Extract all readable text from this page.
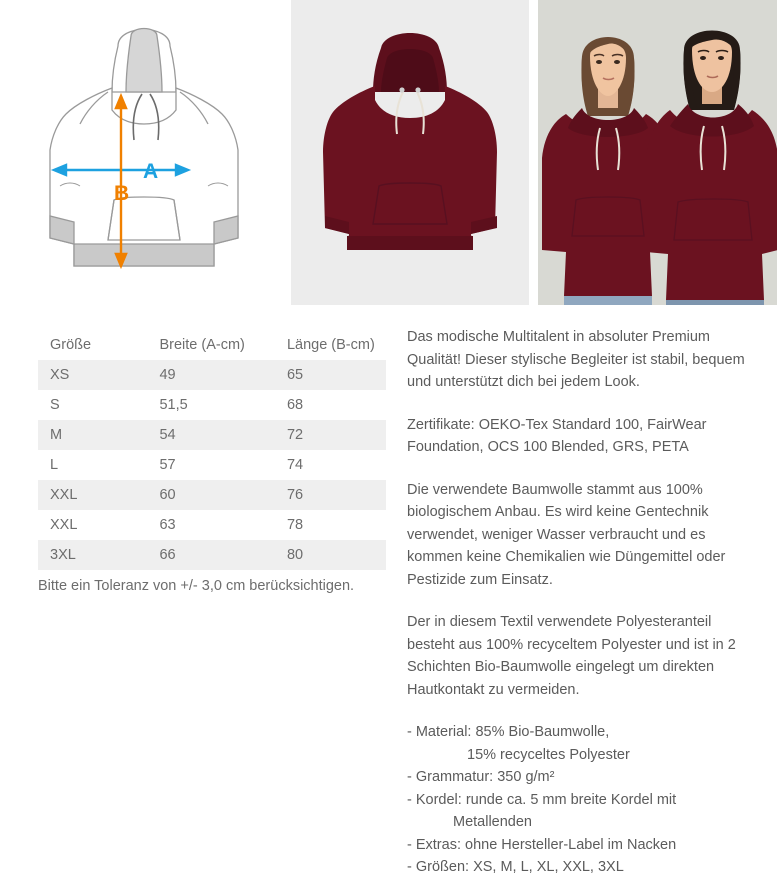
A
B
Größe	Breite (A-cm)	Länge (B-cm)
XS	49	65
S	51,5	68
M	54	72
L	57	74
XXL	60	76
XXL	63	78
3XL	66	80
Bitte ein Toleranz von +/- 3,0 cm berücksichtigen.

Das modische Multitalent in absoluter Premium Qualität! Dieser stylische Begleiter ist stabil, bequem und unterstützt dich bei jedem Look.

Zertifikate: OEKO-Tex Standard 100, FairWear Foundation, OCS 100 Blended, GRS, PETA

Die verwendete Baumwolle stammt aus 100% biologischem Anbau. Es wird keine Gentechnik verwendet, weniger Wasser verbraucht und es kommen keine Chemikalien wie Düngemittel oder Pestizide zum Einsatz.

Der in diesem Textil verwendete Polyesteranteil besteht aus 100% recyceltem Polyester und ist in 2 Schichten Bio-Baumwolle eingelegt um direkten Hautkontakt zu vermeiden.

- Material: 85% Bio-Baumwolle,

15% recyceltes Polyester

- Grammatur: 350 g/m²

- Kordel: runde ca. 5 mm breite Kordel mit

Metallenden

- Extras: ohne Hersteller-Label im Nacken

- Größen: XS, M, L, XL, XXL, 3XL
